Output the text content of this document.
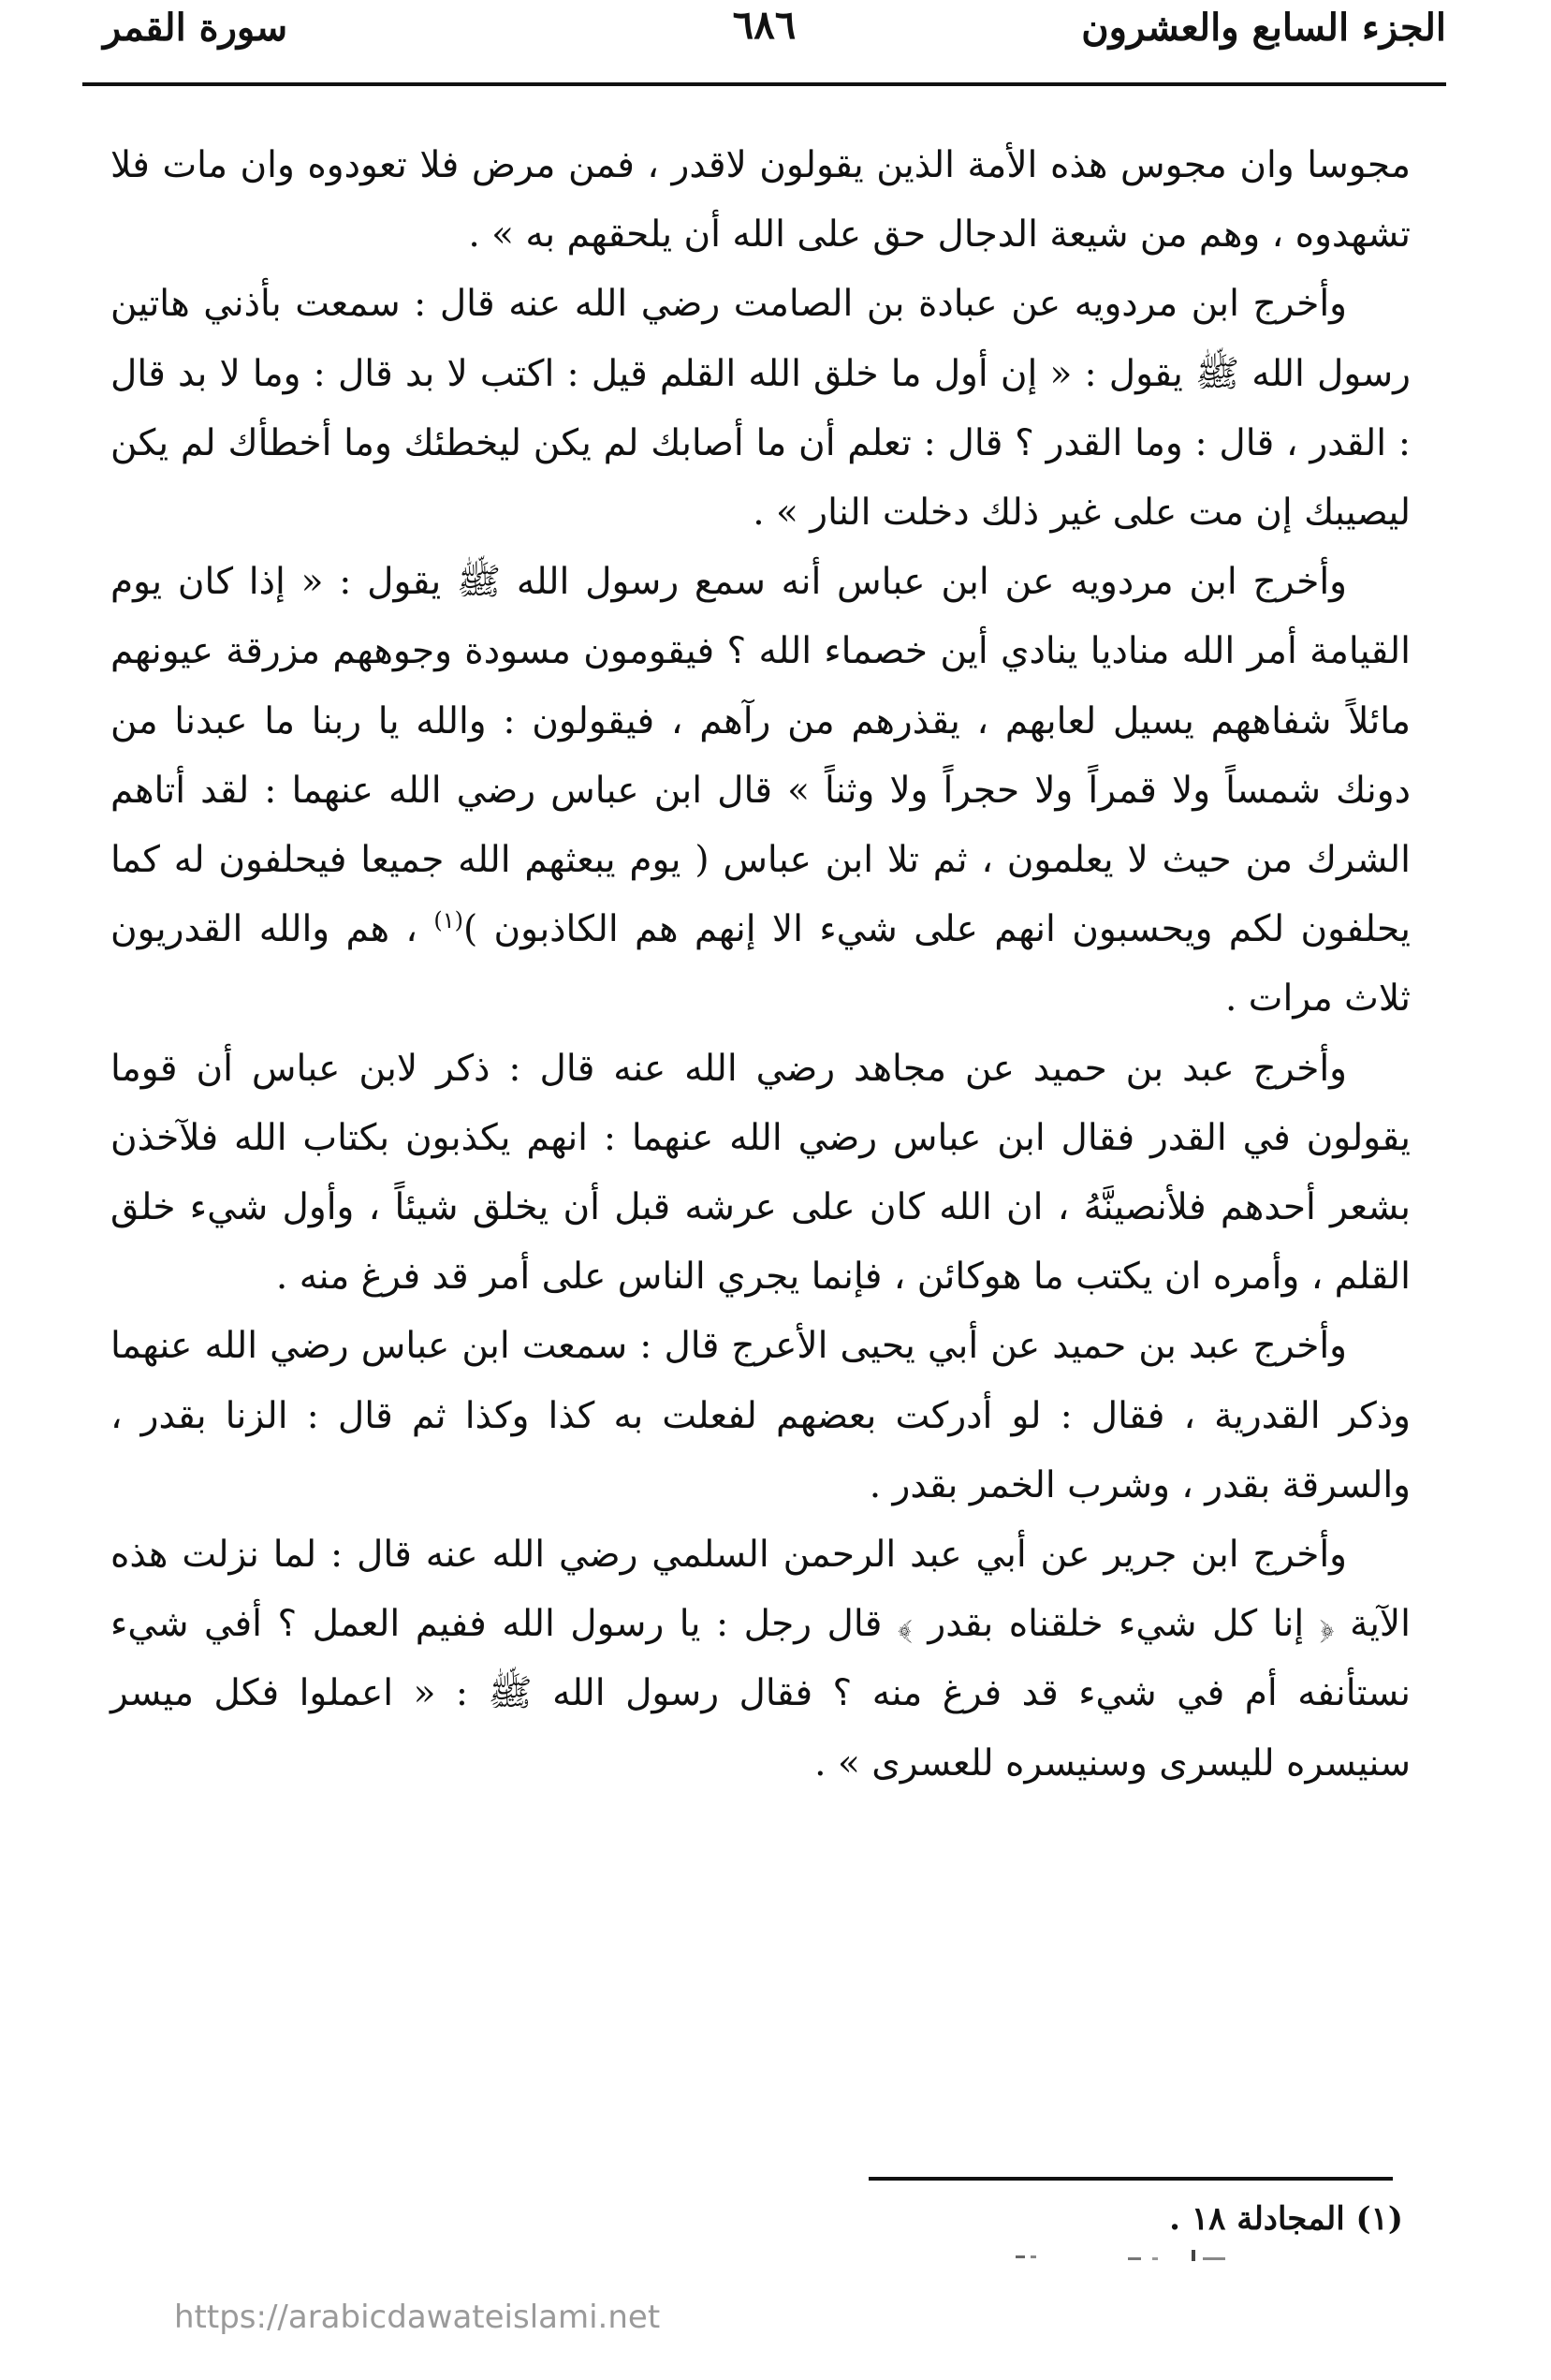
الجزء السابع والعشرون
٦٨٦
سورة القمر

مجوسا وان مجوس هذه الأمة الذين يقولون لاقدر ، فمن مرض فلا تعودوه وان مات فلا تشهدوه ، وهم من شيعة الدجال حق على الله أن يلحقهم به » .

وأخرج ابن مردويه عن عبادة بن الصامت رضي الله عنه قال : سمعت بأذني هاتين رسول الله ﷺ يقول : « إن أول ما خلق الله القلم قيل : اكتب لا بد قال : وما لا بد قال : القدر ، قال : وما القدر ؟ قال : تعلم أن ما أصابك لم يكن ليخطئك وما أخطأك لم يكن ليصيبك إن مت على غير ذلك دخلت النار » .

وأخرج ابن مردويه عن ابن عباس أنه سمع رسول الله ﷺ يقول : « إذا كان يوم القيامة أمر الله مناديا ينادي أين خصماء الله ؟ فيقومون مسودة وجوههم مزرقة عيونهم مائلاً شفاههم يسيل لعابهم ، يقذرهم من رآهم ، فيقولون : والله يا ربنا ما عبدنا من دونك شمساً ولا قمراً ولا حجراً ولا وثناً » قال ابن عباس رضي الله عنهما : لقد أتاهم الشرك من حيث لا يعلمون ، ثم تلا ابن عباس ( يوم يبعثهم الله جميعا فيحلفون له كما يحلفون لكم ويحسبون انهم على شيء الا إنهم هم الكاذبون )$^{(١)}$ ، هم والله القدريون ثلاث مرات .

وأخرج عبد بن حميد عن مجاهد رضي الله عنه قال : ذكر لابن عباس أن قوما يقولون في القدر فقال ابن عباس رضي الله عنهما : انهم يكذبون بكتاب الله فلآخذن بشعر أحدهم فلأنصينَّهُ ، ان الله كان على عرشه قبل أن يخلق شيئاً ، وأول شيء خلق القلم ، وأمره ان يكتب ما هوكائن ، فإنما يجري الناس على أمر قد فرغ منه .

وأخرج عبد بن حميد عن أبي يحيى الأعرج قال : سمعت ابن عباس رضي الله عنهما وذكر القدرية ، فقال : لو أدركت بعضهم لفعلت به كذا وكذا ثم قال : الزنا بقدر ، والسرقة بقدر ، وشرب الخمر بقدر .

وأخرج ابن جرير عن أبي عبد الرحمن السلمي رضي الله عنه قال : لما نزلت هذه الآية ﴿ إنا كل شيء خلقناه بقدر ﴾ قال رجل : يا رسول الله ففيم العمل ؟ أفي شيء نستأنفه أم في شيء قد فرغ منه ؟ فقال رسول الله ﷺ : « اعملوا فكل ميسر سنيسره لليسرى وسنيسره للعسرى » .

(١) المجادلة ١٨ .
https://arabicdawateislami.net
